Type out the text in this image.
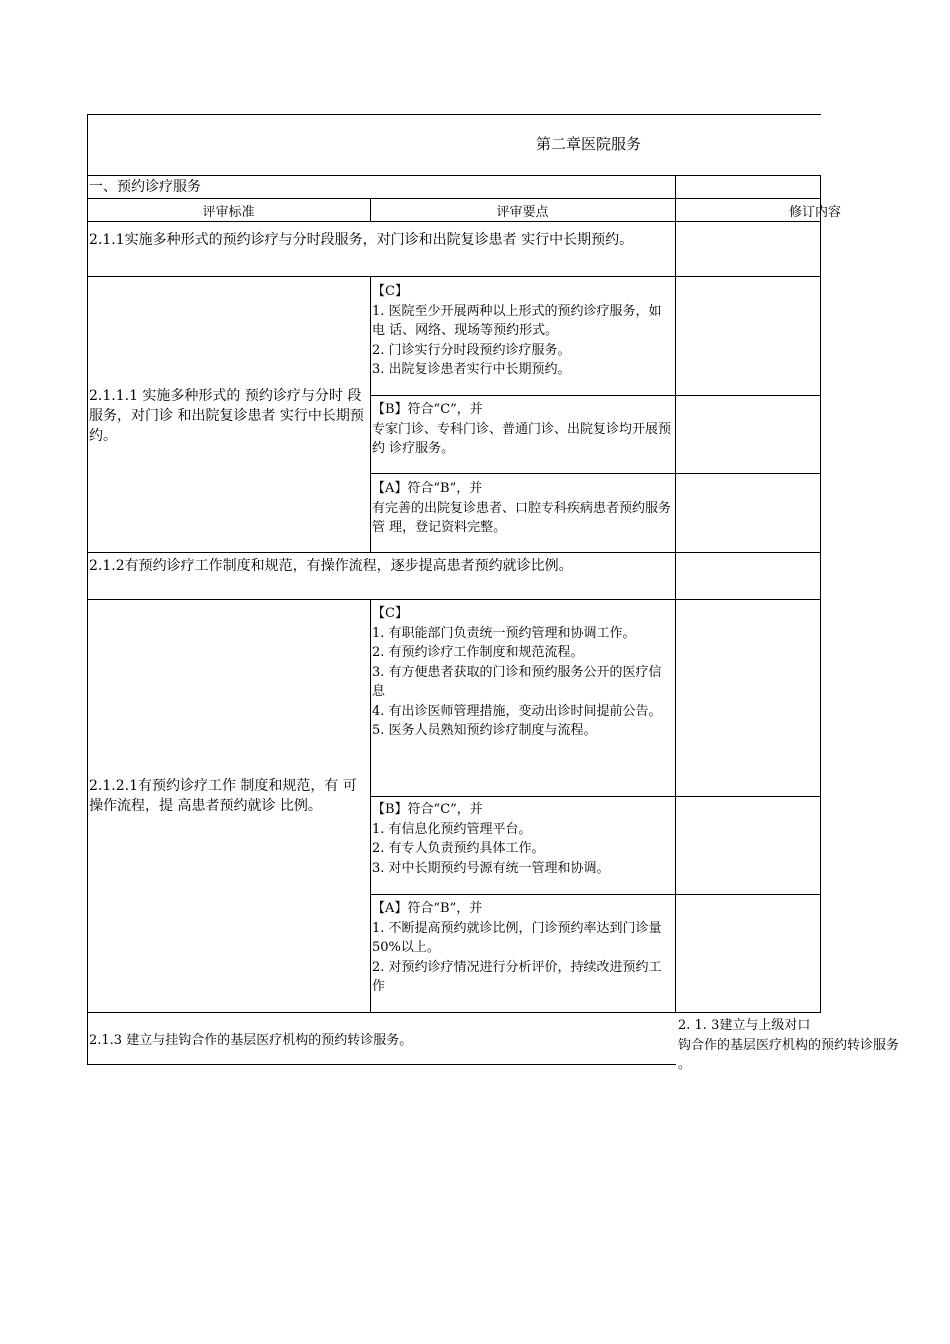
第二章医院服务
一、预约诊疗服务
评审标准	评审要点	修订内容
2.1.1实施多种形式的预约诊疗与分时段服务，对门诊和出院复诊患者 实行中长期预约。
2.1.1.1 实施多种形式的 预约诊疗与分时 段服务，对门诊 和出院复诊患者 实行中长期预 约。
【C】
1. 医院至少开展两种以上形式的预约诊疗服务，如电 话、网络、现场等预约形式。
2. 门诊实行分时段预约诊疗服务。
3. 出院复诊患者实行中长期预约。
【B】符合“C”，并
专家门诊、专科门诊、普通门诊、出院复诊均开展预约 诊疗服务。
【A】符合“B”，并
有完善的出院复诊患者、口腔专科疾病患者预约服务管 理，登记资料完整。
2.1.2有预约诊疗工作制度和规范，有操作流程，逐步提高患者预约就诊比例。
2.1.2.1有预约诊疗工作 制度和规范，有 可操作流程，提 高患者预约就诊 比例。
【C】
1. 有职能部门负责统一预约管理和协调工作。
2. 有预约诊疗工作制度和规范流程。
3. 有方便患者获取的门诊和预约服务公开的医疗信息
4. 有出诊医师管理措施，变动出诊时间提前公告。
5. 医务人员熟知预约诊疗制度与流程。
【B】符合“C”，并
1. 有信息化预约管理平台。
2. 有专人负责预约具体工作。
3. 对中长期预约号源有统一管理和协调。
【A】符合“B”，并
1. 不断提高预约就诊比例，门诊预约率达到门诊量 50%以上。
2. 对预约诊疗情况进行分析评价，持续改进预约工作
2.1.3 建立与挂钩合作的基层医疗机构的预约转诊服务。
2. 1. 3建立与上级对口
钩合作的基层医疗机构的预约转诊服务
。
